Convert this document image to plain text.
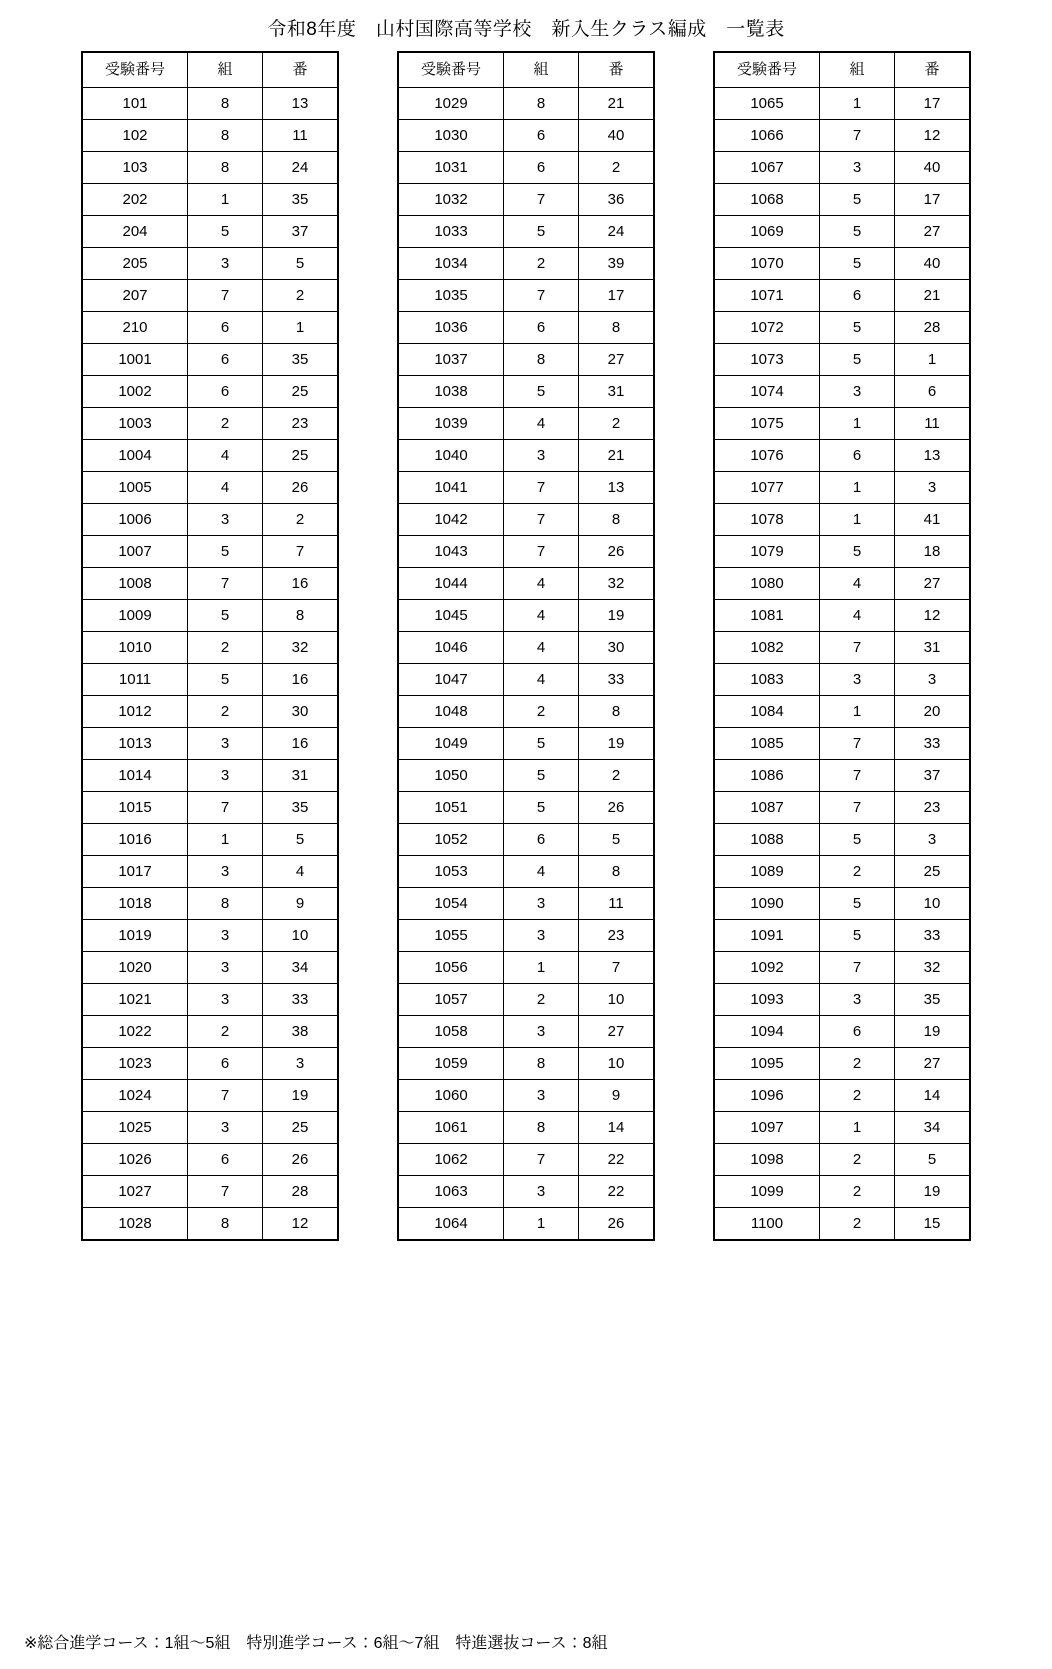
令和8年度　山村国際高等学校　新入生クラス編成　一覧表
受験番号	組	番
101	8	13
102	8	11
103	8	24
202	1	35
204	5	37
205	3	5
207	7	2
210	6	1
1001	6	35
1002	6	25
1003	2	23
1004	4	25
1005	4	26
1006	3	2
1007	5	7
1008	7	16
1009	5	8
1010	2	32
1011	5	16
1012	2	30
1013	3	16
1014	3	31
1015	7	35
1016	1	5
1017	3	4
1018	8	9
1019	3	10
1020	3	34
1021	3	33
1022	2	38
1023	6	3
1024	7	19
1025	3	25
1026	6	26
1027	7	28
1028	8	12
受験番号	組	番
1029	8	21
1030	6	40
1031	6	2
1032	7	36
1033	5	24
1034	2	39
1035	7	17
1036	6	8
1037	8	27
1038	5	31
1039	4	2
1040	3	21
1041	7	13
1042	7	8
1043	7	26
1044	4	32
1045	4	19
1046	4	30
1047	4	33
1048	2	8
1049	5	19
1050	5	2
1051	5	26
1052	6	5
1053	4	8
1054	3	11
1055	3	23
1056	1	7
1057	2	10
1058	3	27
1059	8	10
1060	3	9
1061	8	14
1062	7	22
1063	3	22
1064	1	26
受験番号	組	番
1065	1	17
1066	7	12
1067	3	40
1068	5	17
1069	5	27
1070	5	40
1071	6	21
1072	5	28
1073	5	1
1074	3	6
1075	1	11
1076	6	13
1077	1	3
1078	1	41
1079	5	18
1080	4	27
1081	4	12
1082	7	31
1083	3	3
1084	1	20
1085	7	33
1086	7	37
1087	7	23
1088	5	3
1089	2	25
1090	5	10
1091	5	33
1092	7	32
1093	3	35
1094	6	19
1095	2	27
1096	2	14
1097	1	34
1098	2	5
1099	2	19
1100	2	15
※総合進学コース：1組〜5組　特別進学コース：6組〜7組　特進選抜コース：8組
